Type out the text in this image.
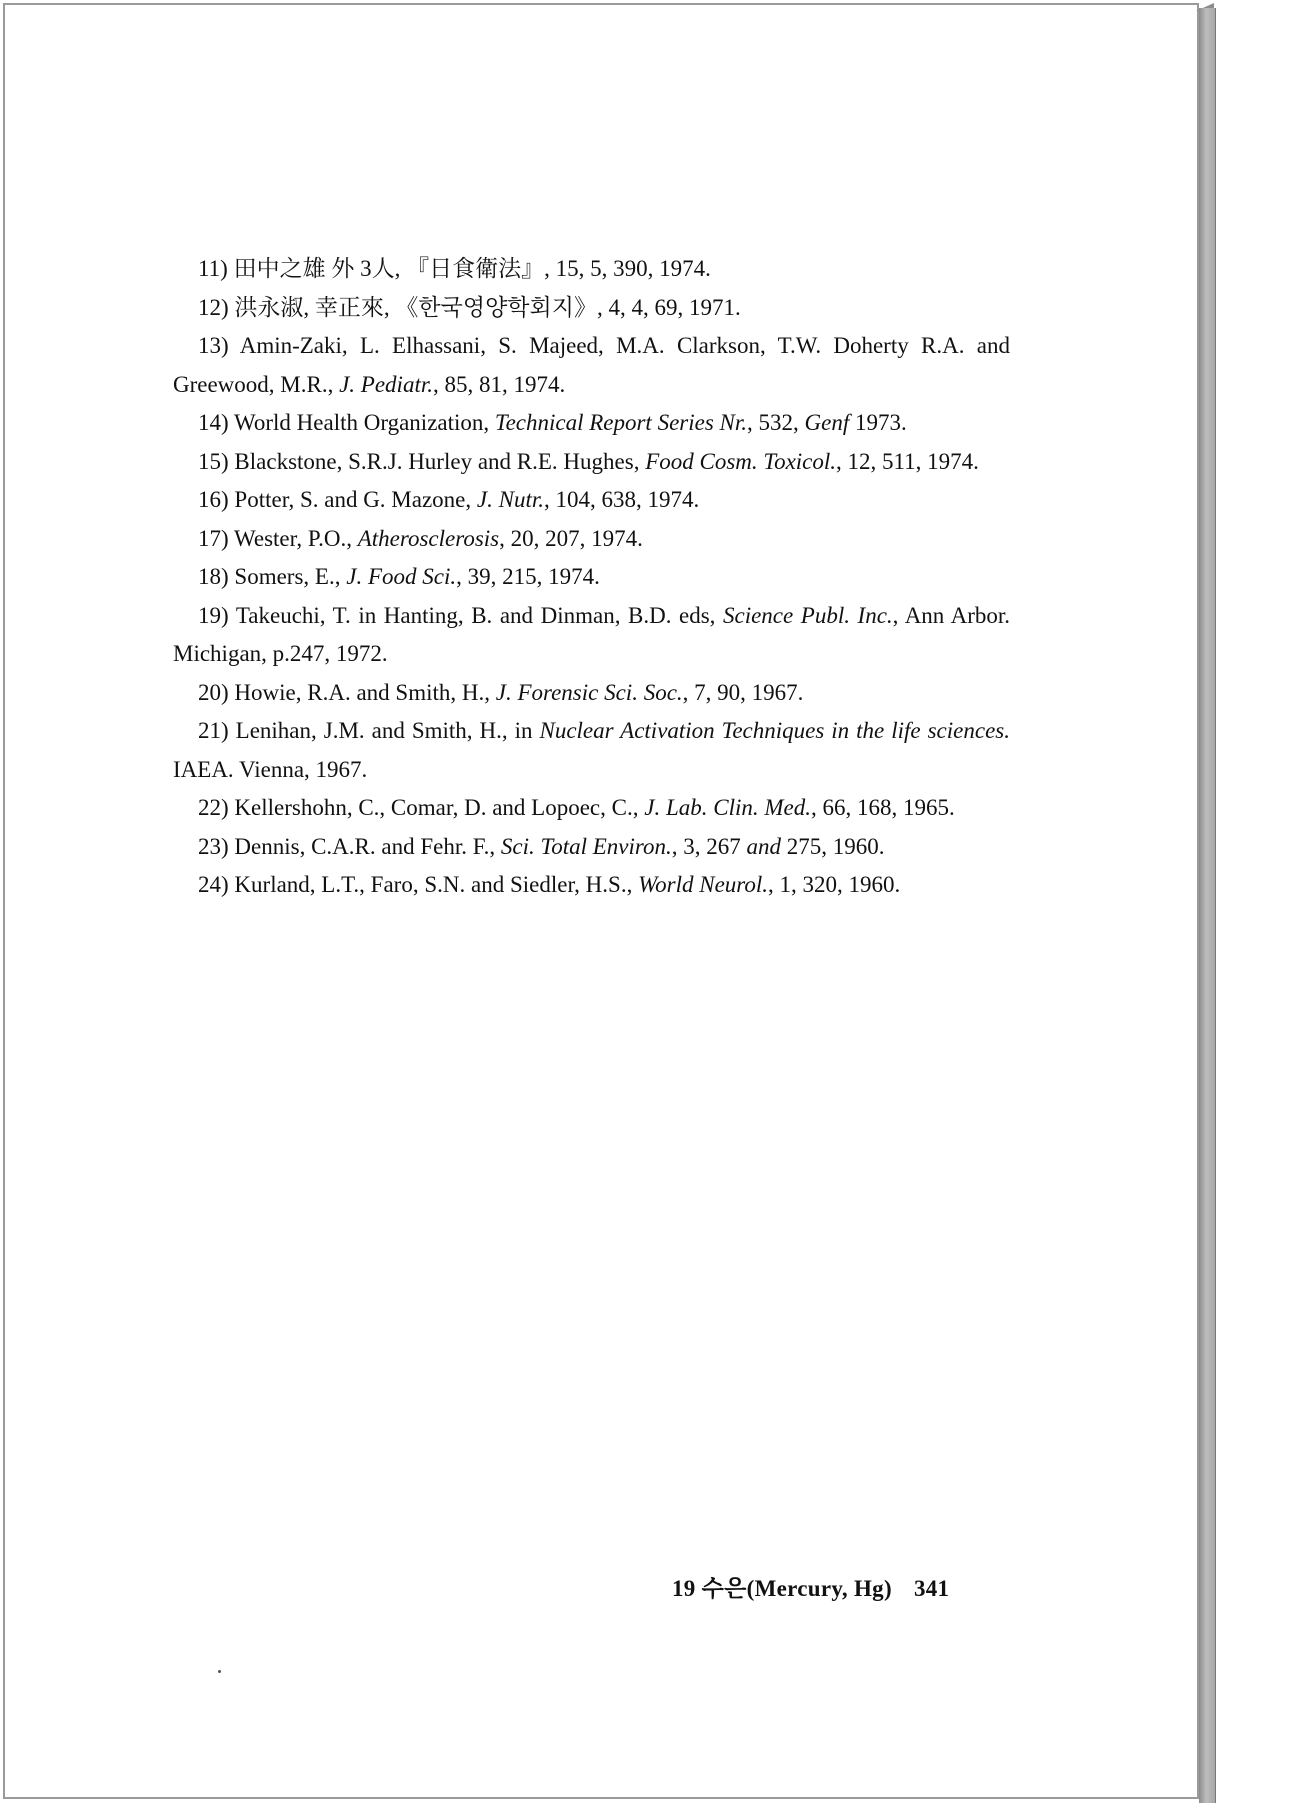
11) 田中之雄 外 3人, 『日食衛法』, 15, 5, 390, 1974.
12) 洪永淑, 幸正來, 《한국영양학회지》, 4, 4, 69, 1971.
13) Amin-Zaki, L. Elhassani, S. Majeed, M.A. Clarkson, T.W. Doherty R.A. and Greewood, M.R., J. Pediatr., 85, 81, 1974.
14) World Health Organization, Technical Report Series Nr., 532, Genf 1973.
15) Blackstone, S.R.J. Hurley and R.E. Hughes, Food Cosm. Toxicol., 12, 511, 1974.
16) Potter, S. and G. Mazone, J. Nutr., 104, 638, 1974.
17) Wester, P.O., Atherosclerosis, 20, 207, 1974.
18) Somers, E., J. Food Sci., 39, 215, 1974.
19) Takeuchi, T. in Hanting, B. and Dinman, B.D. eds, Science Publ. Inc., Ann Arbor. Michigan, p.247, 1972.
20) Howie, R.A. and Smith, H., J. Forensic Sci. Soc., 7, 90, 1967.
21) Lenihan, J.M. and Smith, H., in Nuclear Activation Techniques in the life sciences. IAEA. Vienna, 1967.
22) Kellershohn, C., Comar, D. and Lopoec, C., J. Lab. Clin. Med., 66, 168, 1965.
23) Dennis, C.A.R. and Fehr. F., Sci. Total Environ., 3, 267 and 275, 1960.
24) Kurland, L.T., Faro, S.N. and Siedler, H.S., World Neurol., 1, 320, 1960.
19 수은(Mercury, Hg) 341
